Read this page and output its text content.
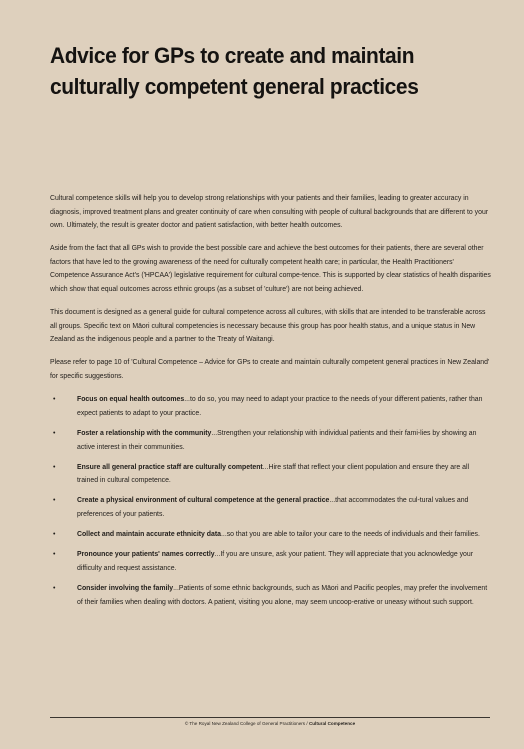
Advice for GPs to create and maintain culturally competent general practices

Cultural competence skills will help you to develop strong relationships with your patients and their families, leading to greater accuracy in diagnosis, improved treatment plans and greater continuity of care when consulting with people of cultural backgrounds that are different to your own. Ultimately, the result is greater doctor and patient satisfaction, with better health outcomes.

Aside from the fact that all GPs wish to provide the best possible care and achieve the best outcomes for their patients, there are several other factors that have led to the growing awareness of the need for culturally competent health care; in particular, the Health Practitioners' Competence Assurance Act's ('HPCAA') legislative requirement for cultural compe-tence. This is supported by clear statistics of health disparities which show that equal outcomes across ethnic groups (as a subset of 'culture') are not being achieved.

This document is designed as a general guide for cultural competence across all cultures, with skills that are intended to be transferable across all groups. Specific text on Māori cultural competencies is necessary because this group has poor health status, and a unique status in New Zealand as the indigenous people and a partner to the Treaty of Waitangi.

Please refer to page 10 of 'Cultural Competence – Advice for GPs to create and maintain culturally competent general practices in New Zealand' for specific suggestions.

•	Focus on equal health outcomes...to do so, you may need to adapt your practice to the needs of your different patients, rather than expect patients to adapt to your practice.
•	Foster a relationship with the community...Strengthen your relationship with individual patients and their fami-lies by showing an active interest in their communities.
•	Ensure all general practice staff are culturally competent...Hire staff that reflect your client population and ensure they are all trained in cultural competence.
•	Create a physical environment of cultural competence at the general practice...that accommodates the cul-tural values and preferences of your patients.
•	Collect and maintain accurate ethnicity data...so that you are able to tailor your care to the needs of individuals and their families.
•	Pronounce your patients' names correctly...If you are unsure, ask your patient. They will appreciate that you acknowledge your difficulty and request assistance.
•	Consider involving the family...Patients of some ethnic backgrounds, such as Māori and Pacific peoples, may prefer the involvement of their families when dealing with doctors. A patient, visiting you alone, may seem uncoop-erative or uneasy without such support.
© The Royal New Zealand College of General Practitioners / Cultural Competence
